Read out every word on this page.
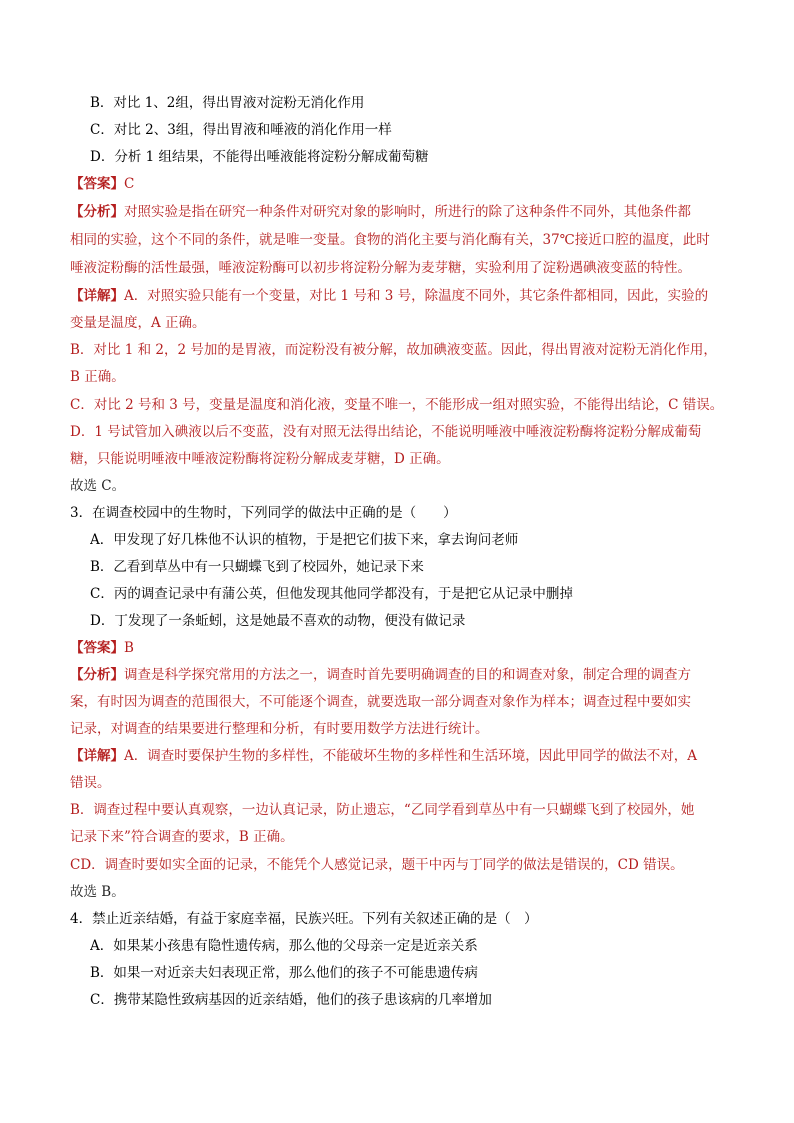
B．对比 1、2组，得出胃液对淀粉无消化作用
C．对比 2、3组，得出胃液和唾液的消化作用一样
D．分析 1 组结果，不能得出唾液能将淀粉分解成葡萄糖
【答案】C
【分析】对照实验是指在研究一种条件对研究对象的影响时，所进行的除了这种条件不同外，其他条件都
相同的实验，这个不同的条件，就是唯一变量。食物的消化主要与消化酶有关，37℃接近口腔的温度，此时
唾液淀粉酶的活性最强，唾液淀粉酶可以初步将淀粉分解为麦芽糖，实验利用了淀粉遇碘液变蓝的特性。
【详解】A．对照实验只能有一个变量，对比 1 号和 3 号，除温度不同外，其它条件都相同，因此，实验的
变量是温度，A 正确。
B．对比 1 和 2，2 号加的是胃液，而淀粉没有被分解，故加碘液变蓝。因此，得出胃液对淀粉无消化作用，
B 正确。
C．对比 2 号和 3 号，变量是温度和消化液，变量不唯一，不能形成一组对照实验，不能得出结论，C 错误。
D．1 号试管加入碘液以后不变蓝，没有对照无法得出结论，不能说明唾液中唾液淀粉酶将淀粉分解成葡萄
糖，只能说明唾液中唾液淀粉酶将淀粉分解成麦芽糖，D 正确。
故选 C。
3．在调查校园中的生物时，下列同学的做法中正确的是（　　）
A．甲发现了好几株他不认识的植物，于是把它们拔下来，拿去询问老师
B．乙看到草丛中有一只蝴蝶飞到了校园外，她记录下来
C．丙的调查记录中有蒲公英，但他发现其他同学都没有，于是把它从记录中删掉
D．丁发现了一条蚯蚓，这是她最不喜欢的动物，便没有做记录
【答案】B
【分析】调查是科学探究常用的方法之一，调查时首先要明确调查的目的和调查对象，制定合理的调查方
案，有时因为调查的范围很大，不可能逐个调查，就要选取一部分调查对象作为样本；调查过程中要如实
记录，对调查的结果要进行整理和分析，有时要用数学方法进行统计。
【详解】A．调查时要保护生物的多样性，不能破坏生物的多样性和生活环境，因此甲同学的做法不对，A
错误。
B．调查过程中要认真观察，一边认真记录，防止遗忘，“乙同学看到草丛中有一只蝴蝶飞到了校园外，她
记录下来”符合调查的要求，B 正确。
CD．调查时要如实全面的记录，不能凭个人感觉记录，题干中丙与丁同学的做法是错误的，CD 错误。
故选 B。
4．禁止近亲结婚，有益于家庭幸福，民族兴旺。下列有关叙述正确的是（　）
A．如果某小孩患有隐性遗传病，那么他的父母亲一定是近亲关系
B．如果一对近亲夫妇表现正常，那么他们的孩子不可能患遗传病
C．携带某隐性致病基因的近亲结婚，他们的孩子患该病的几率增加
